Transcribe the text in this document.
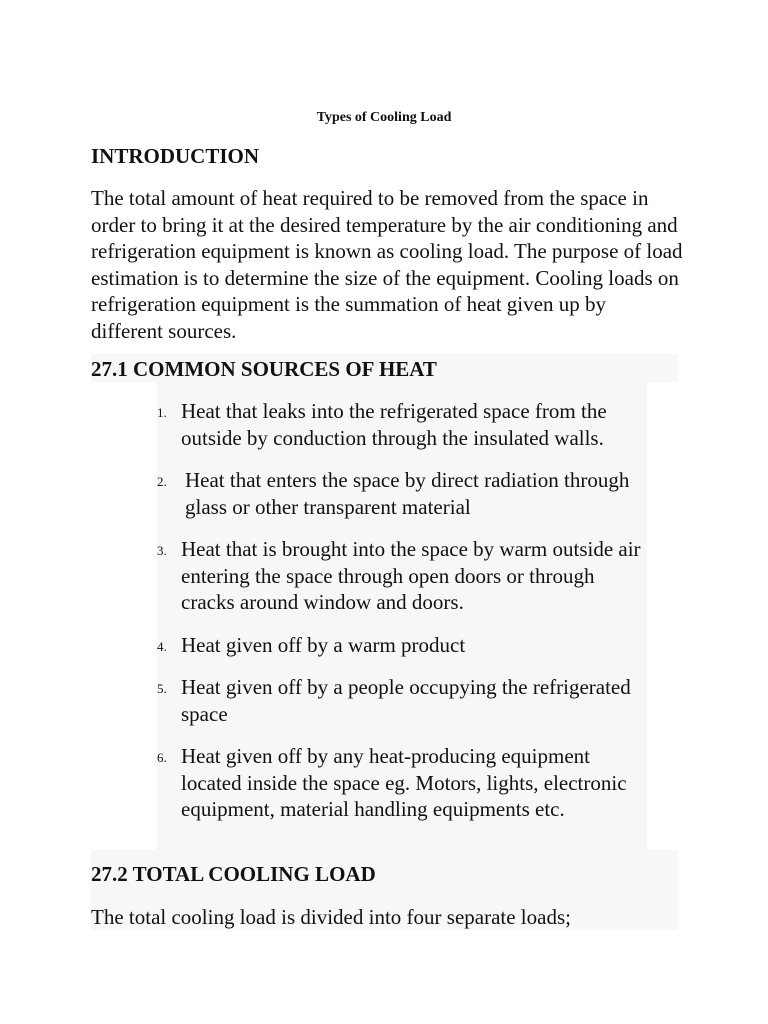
Types of Cooling Load
INTRODUCTION

The total amount of heat required to be removed from the space in order to bring it at the desired temperature by the air conditioning and refrigeration equipment is known as cooling load. The purpose of load estimation is to determine the size of the equipment. Cooling loads on refrigeration equipment is the summation of heat given up by different sources.

27.1 COMMON SOURCES OF HEAT
1. Heat that leaks into the refrigerated space from the outside by conduction through the insulated walls.
2. Heat that enters the space by direct radiation through glass or other transparent material
3. Heat that is brought into the space by warm outside air entering the space through open doors or through cracks around window and doors.
4. Heat given off by a warm product
5. Heat given off by a people occupying the refrigerated space
6. Heat given off by any heat-producing equipment located inside the space eg. Motors, lights, electronic equipment, material handling equipments etc.
27.2 TOTAL COOLING LOAD

The total cooling load is divided into four separate loads;
